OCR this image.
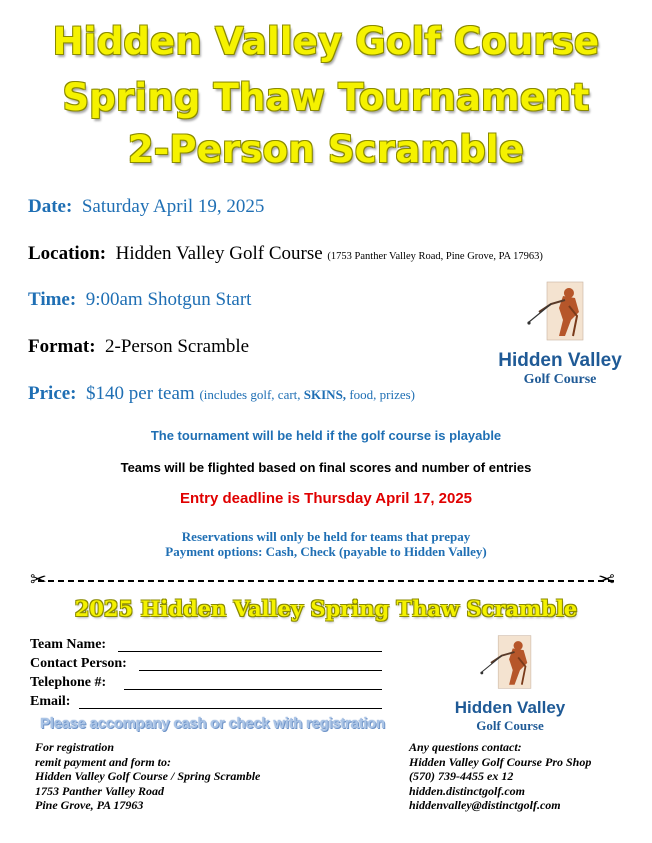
Hidden Valley Golf Course
Spring Thaw Tournament
2-Person Scramble
Date: Saturday April 19, 2025
Location: Hidden Valley Golf Course (1753 Panther Valley Road, Pine Grove, PA 17963)
Time: 9:00am Shotgun Start
Format: 2-Person Scramble
Price: $140 per team (includes golf, cart, SKINS, food, prizes)
Hidden Valley
Golf Course
The tournament will be held if the golf course is playable
Teams will be flighted based on final scores and number of entries
Entry deadline is Thursday April 17, 2025
Reservations will only be held for teams that prepay
Payment options: Cash, Check (payable to Hidden Valley)
✂	✂
2025 Hidden Valley Spring Thaw Scramble
Team Name:
Contact Person:
Telephone #:
Email:
Please accompany cash or check with registration
Hidden Valley
Golf Course
For registration
remit payment and form to:
Hidden Valley Golf Course / Spring Scramble
1753 Panther Valley Road
Pine Grove, PA 17963
Any questions contact:
Hidden Valley Golf Course Pro Shop
(570) 739-4455 ex 12
hidden.distinctgolf.com
hiddenvalley@distinctgolf.com
